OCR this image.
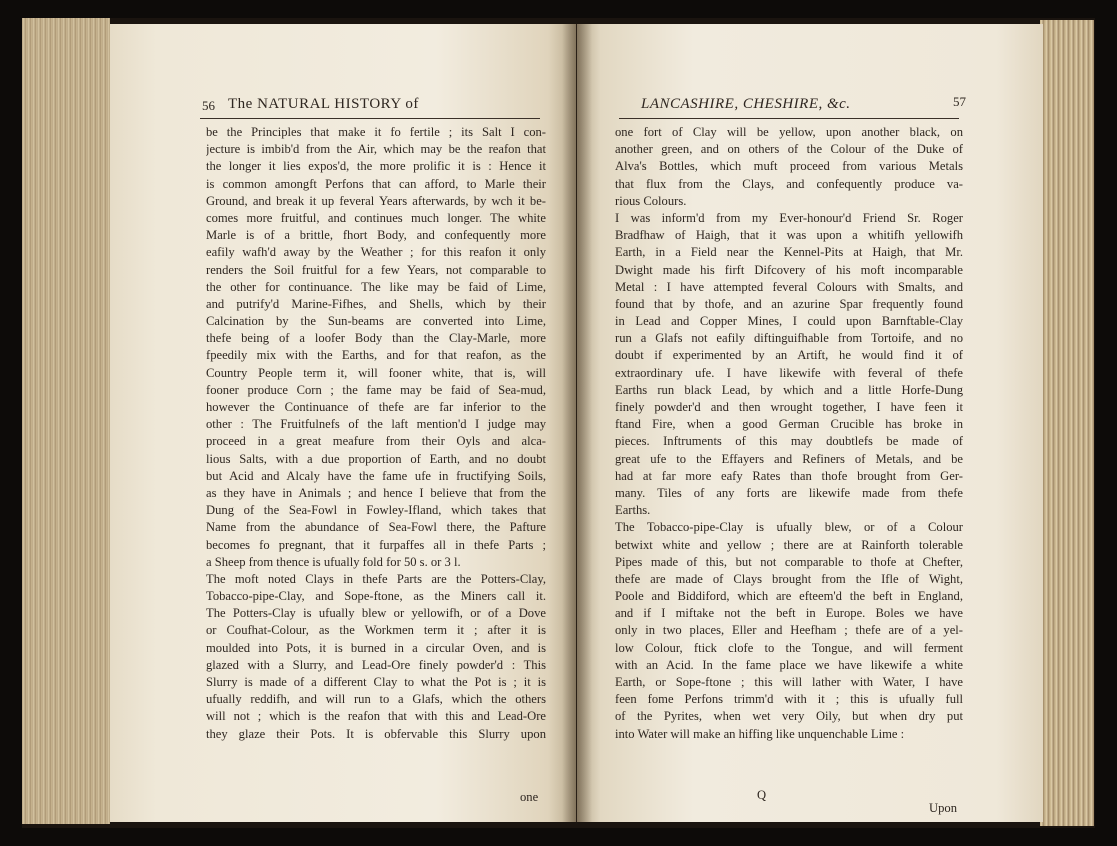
56 The NATURAL HISTORY of
be the Principles that make it fo fertile ; its Salt I con-
jecture is imbib'd from the Air, which may be the reafon that
the longer it lies expos'd, the more prolific it is : Hence it
is common amongft Perfons that can afford, to Marle their
Ground, and break it up feveral Years afterwards, by wch it be-
comes more fruitful, and continues much longer. The white
Marle is of a brittle, fhort Body, and confequently more
eafily wafh'd away by the Weather ; for this reafon it only
renders the Soil fruitful for a few Years, not comparable to
the other for continuance. The like may be faid of Lime,
and putrify'd Marine-Fifhes, and Shells, which by their
Calcination by the Sun-beams are converted into Lime,
thefe being of a loofer Body than the Clay-Marle, more
fpeedily mix with the Earths, and for that reafon, as the
Country People term it, will fooner white, that is, will
fooner produce Corn ; the fame may be faid of Sea-mud,
however the Continuance of thefe are far inferior to the
other : The Fruitfulnefs of the laft mention'd I judge may
proceed in a great meafure from their Oyls and alca-
lious Salts, with a due proportion of Earth, and no doubt
but Acid and Alcaly have the fame ufe in fructifying Soils,
as they have in Animals ; and hence I believe that from the
Dung of the Sea-Fowl in Fowley-Ifland, which takes that
Name from the abundance of Sea-Fowl there, the Pafture
becomes fo pregnant, that it furpaffes all in thefe Parts ;
a Sheep from thence is ufually fold for 50 s. or 3 l.
The moft noted Clays in thefe Parts are the Potters-Clay,
Tobacco-pipe-Clay, and Sope-ftone, as the Miners call it.
The Potters-Clay is ufually blew or yellowifh, or of a Dove
or Coufhat-Colour, as the Workmen term it ; after it is
moulded into Pots, it is burned in a circular Oven, and is
glazed with a Slurry, and Lead-Ore finely powder'd : This
Slurry is made of a different Clay to what the Pot is ; it is
ufually reddifh, and will run to a Glafs, which the others
will not ; which is the reafon that with this and Lead-Ore
they glaze their Pots. It is obfervable this Slurry upon
one
LANCASHIRE, CHESHIRE, &c.	57
one fort of Clay will be yellow, upon another black, on
another green, and on others of the Colour of the Duke of
Alva's Bottles, which muft proceed from various Metals
that flux from the Clays, and confequently produce va-
rious Colours.
I was inform'd from my Ever-honour'd Friend Sr. Roger
Bradfhaw of Haigh, that it was upon a whitifh yellowifh
Earth, in a Field near the Kennel-Pits at Haigh, that Mr.
Dwight made his firft Difcovery of his moft incomparable
Metal : I have attempted feveral Colours with Smalts, and
found that by thofe, and an azurine Spar frequently found
in Lead and Copper Mines, I could upon Barnftable-Clay
run a Glafs not eafily diftinguifhable from Tortoife, and no
doubt if experimented by an Artift, he would find it of
extraordinary ufe. I have likewife with feveral of thefe
Earths run black Lead, by which and a little Horfe-Dung
finely powder'd and then wrought together, I have feen it
ftand Fire, when a good German Crucible has broke in
pieces. Inftruments of this may doubtlefs be made of
great ufe to the Effayers and Refiners of Metals, and be
had at far more eafy Rates than thofe brought from Ger-
many. Tiles of any forts are likewife made from thefe
Earths.
The Tobacco-pipe-Clay is ufually blew, or of a Colour
betwixt white and yellow ; there are at Rainforth tolerable
Pipes made of this, but not comparable to thofe at Chefter,
thefe are made of Clays brought from the Ifle of Wight,
Poole and Biddiford, which are efteem'd the beft in England,
and if I miftake not the beft in Europe. Boles we have
only in two places, Eller and Heefham ; thefe are of a yel-
low Colour, ftick clofe to the Tongue, and will ferment
with an Acid. In the fame place we have likewife a white
Earth, or Sope-ftone ; this will lather with Water, I have
feen fome Perfons trimm'd with it ; this is ufually full
of the Pyrites, when wet very Oily, but when dry put
into Water will make an hiffing like unquenchable Lime :
Q
Upon
